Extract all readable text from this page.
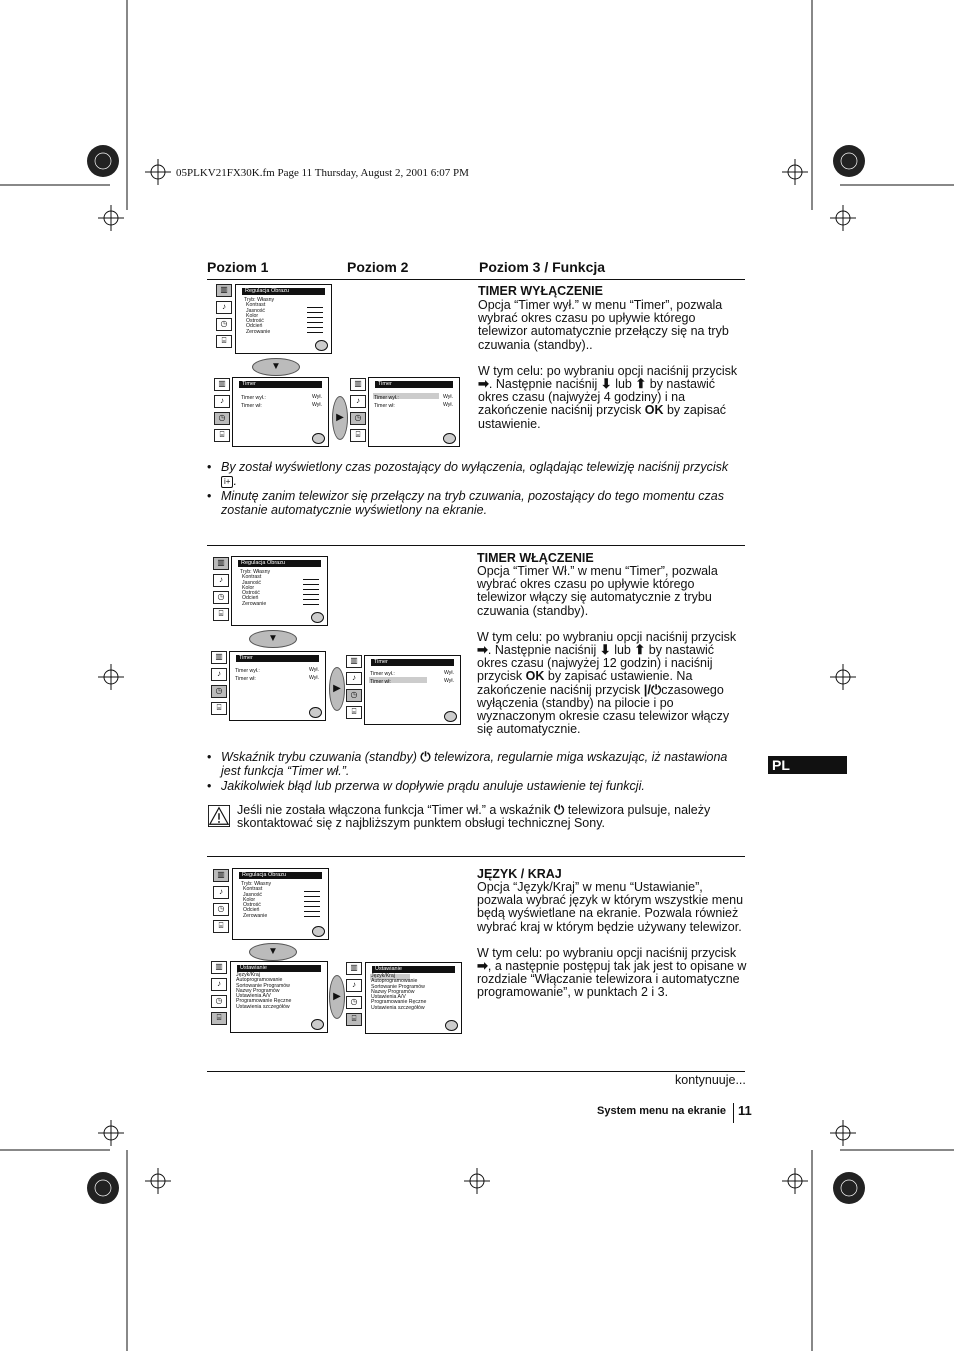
05PLKV21FX30K.fm Page 11 Thursday, August 2, 2001 6:07 PM
Poziom 1	Poziom 2	Poziom 3 / Funkcja
▥
♪
◷
⌸
Regulacja Obrazu
Tryb: Własny
Kontrast
Jasność
Kolor
Ostrość
Odcień
Zerowanie
▼
▥
♪
◷
⌸
Timer
Timer wył.:
Timer wł:
Wył.
Wył.
▶
▥
♪
◷
⌸
Timer
Timer wył.:
Timer wł:
Wył.
Wył.
TIMER WYŁĄCZENIE

Opcja “Timer wył.” w menu “Timer”, pozwala wybrać okres czasu po upływie którego telewizor automatycznie przełączy się na tryb czuwania (standby)..

W tym celu: po wybraniu opcji naciśnij przycisk ➡. Następnie naciśnij ⬇ lub ⬆ by nastawić okres czasu (najwyżej 4 godziny) i na zakończenie naciśnij przycisk OK by zapisać ustawienie.

• By został wyświetlony czas pozostający do wyłączenia, oglądając telewizję naciśnij przycisk i+ .
• Minutę zanim telewizor się przełączy na tryb czuwania, pozostający do tego momentu czas zostanie automatycznie wyświetlony na ekranie.
▥
♪
◷
⌸
Regulacja Obrazu
Tryb: Własny
Kontrast
Jasność
Kolor
Ostrość
Odcień
Zerowanie
▼
▥
♪
◷
⌸
Timer
Timer wył.:
Timer wł:
Wył.
Wył.
▶
▥
♪
◷
⌸
Timer
Timer wył.:
Timer wł:
Wył.
Wył.
TIMER WŁĄCZENIE

Opcja “Timer Wł.” w menu “Timer”, pozwala wybrać okres czasu po upływie którego telewizor włączy się automatycznie z trybu czuwania (standby).

W tym celu: po wybraniu opcji naciśnij przycisk ➡. Następnie naciśnij ⬇ lub ⬆ by nastawić okres czasu (najwyżej 12 godzin) i naciśnij przycisk OK by zapisać ustawienie. Na zakończenie naciśnij przycisk |/⏻czasowego wyłączenia (standby) na pilocie i po wyznaczonym okresie czasu telewizor włączy się automatycznie.

• Wskaźnik trybu czuwania (standby) ⏻ telewizora, regularnie miga wskazując, iż nastawiona jest funkcja “Timer wł.”.
• Jakikolwiek błąd lub przerwa w dopływie prądu anuluje ustawienie tej funkcji.
Jeśli nie została włączona funkcja “Timer wł.” a wskaźnik ⏻ telewizora pulsuje, należy skontaktować się z najbliższym punktem obsługi technicznej Sony.
PL
▥
♪
◷
⌸
Regulacja Obrazu
Tryb: Własny
Kontrast
Jasność
Kolor
Ostrość
Odcień
Zerowanie
▼
▥
♪
◷
⌸
Ustawianie
Język/Kraj
Autoprogramowanie
Sortowanie Programów
Nazwy Programów
Ustawienia A/V
Programowanie Ręczne
Ustawienia szczegółów
▶
▥
♪
◷
⌸
Ustawianie
Język/Kraj
Autoprogramowanie
Sortowanie Programów
Nazwy Programów
Ustawienia A/V
Programowanie Ręczne
Ustawienia szczegółów
JĘZYK / KRAJ

Opcja “Język/Kraj” w menu “Ustawianie”, pozwala wybrać język w którym wszystkie menu będą wyświetlane na ekranie. Pozwala również wybrać kraj w którym będzie używany telewizor.

W tym celu: po wybraniu opcji naciśnij przycisk ➡, a następnie postępuj tak jak jest to opisane w rozdziale “Włączanie telewizora i automatyczne programowanie”, w punktach 2 i 3.

kontynuuje...
System menu na ekranie 11
